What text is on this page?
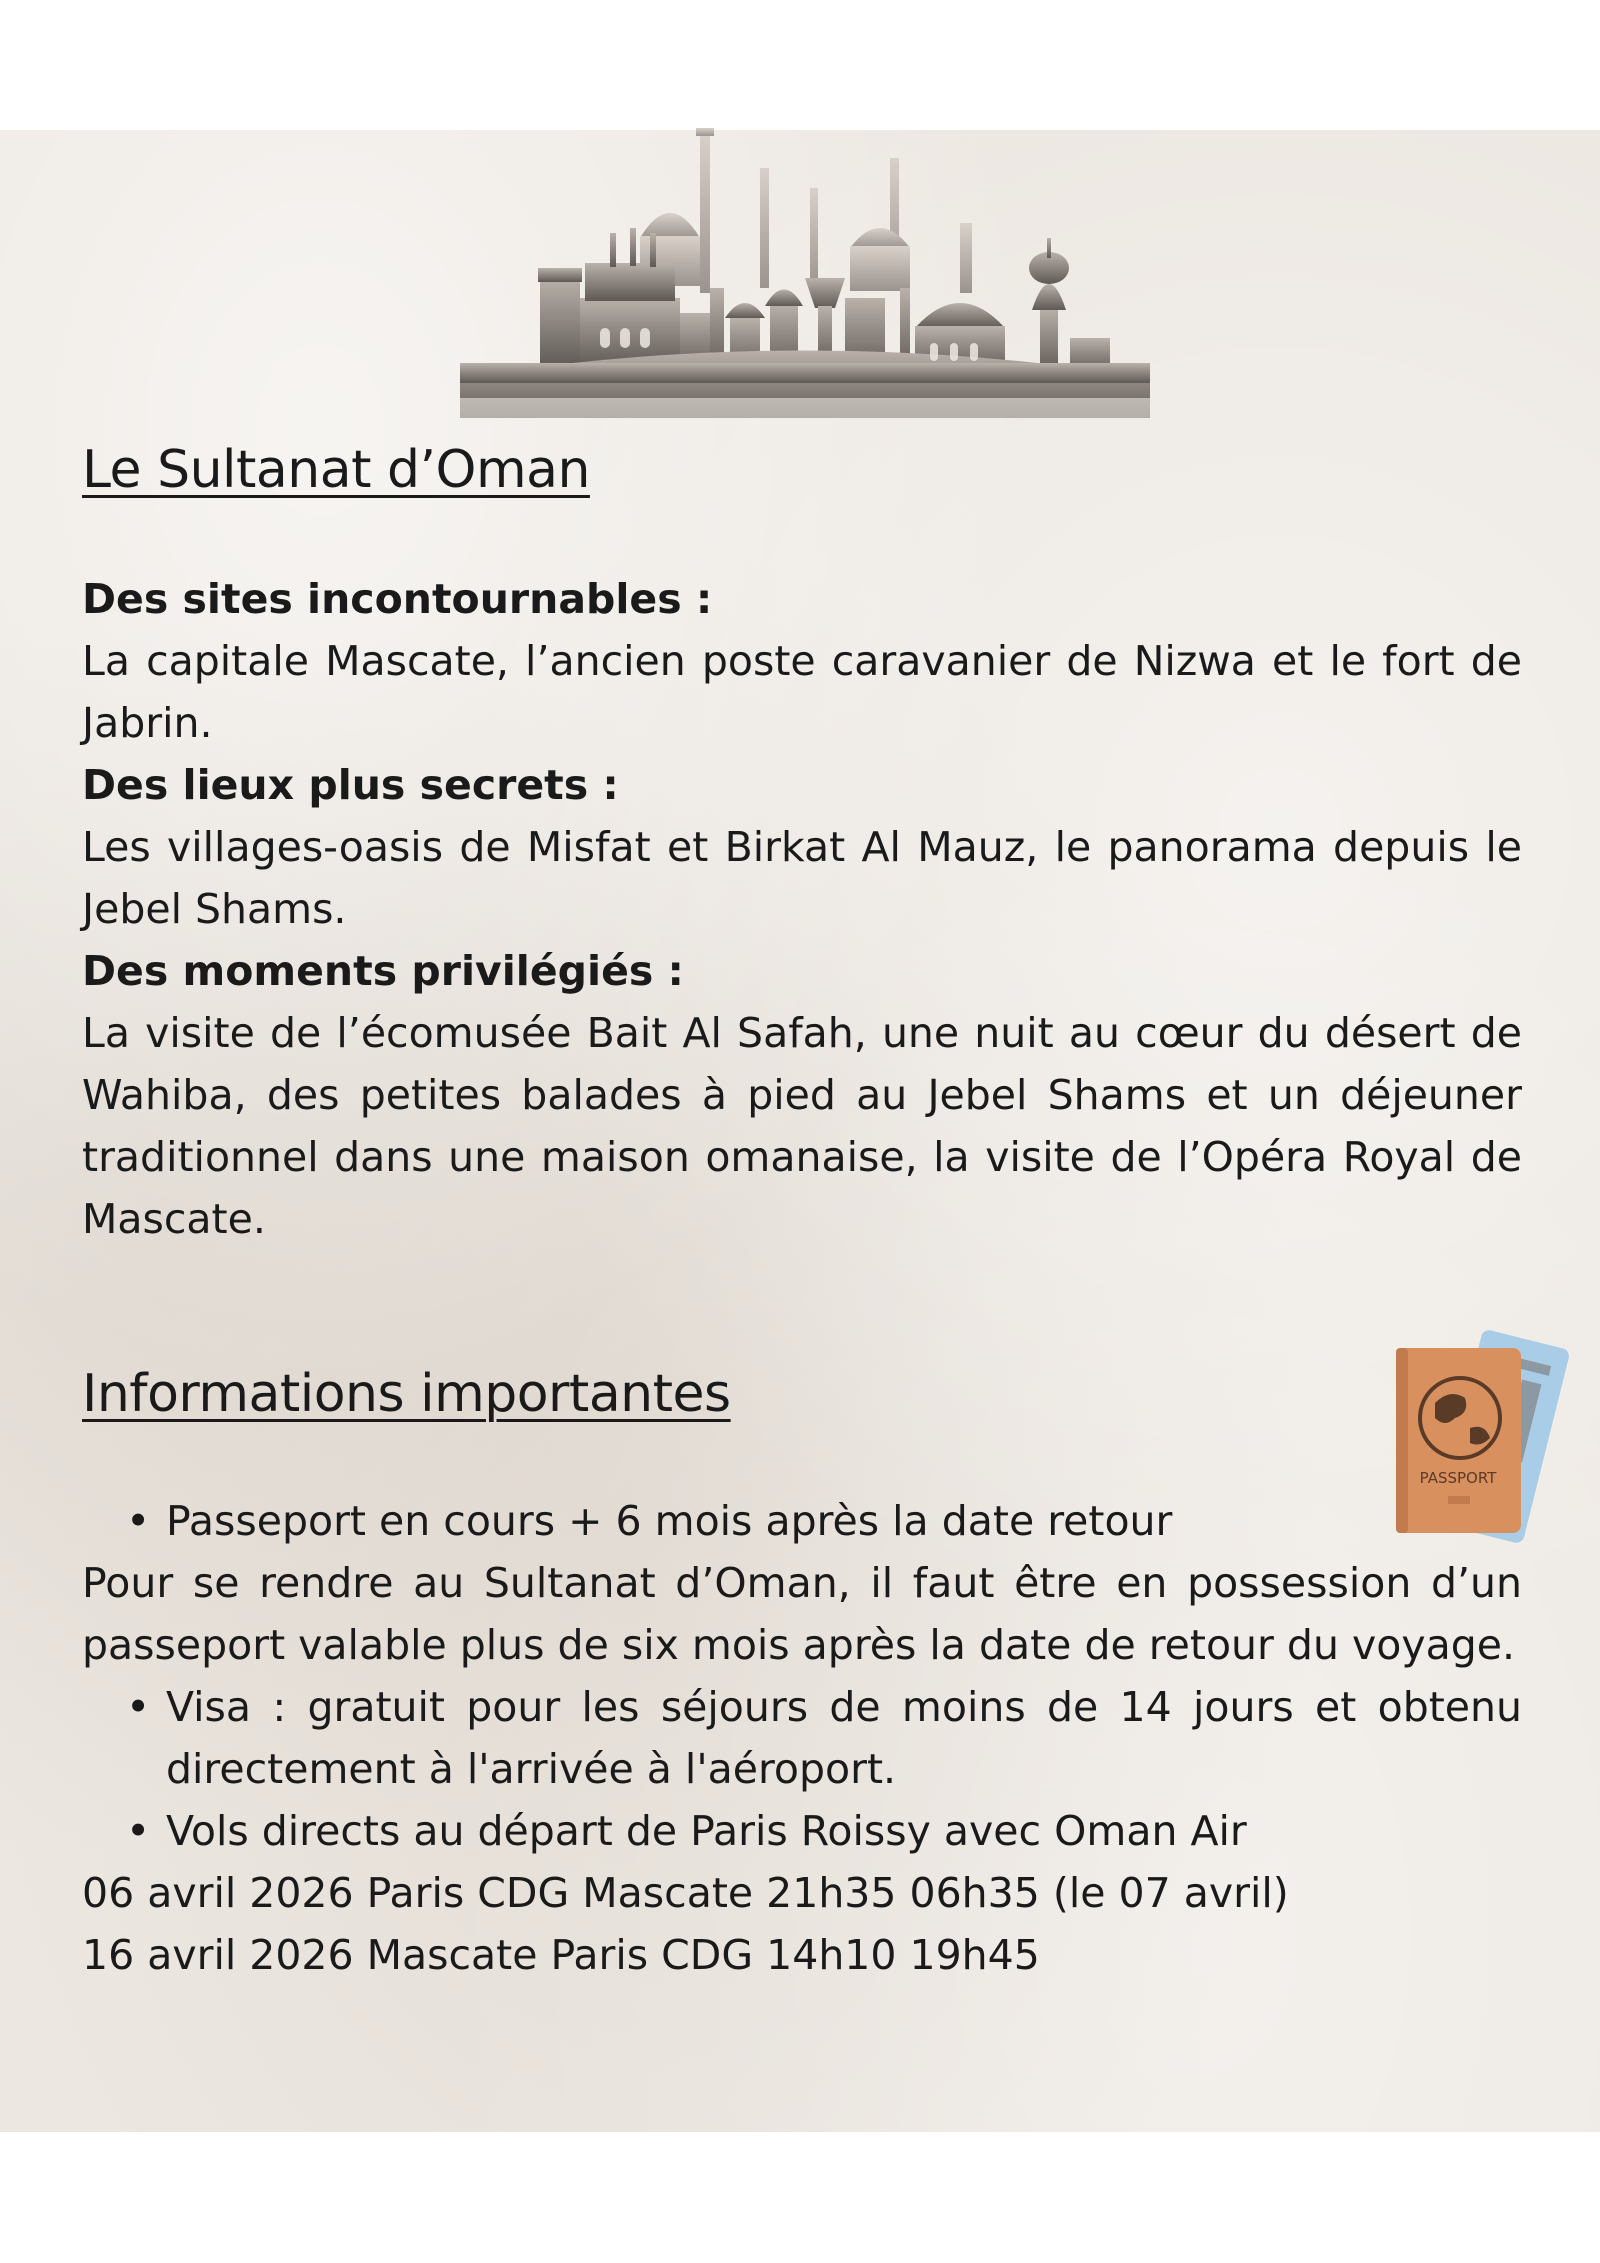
Le Sultanat d’Oman

Des sites incontournables :

La capitale Mascate, l’ancien poste caravanier de Nizwa et le fort de Jabrin.

Des lieux plus secrets :

Les villages-oasis de Misfat et Birkat Al Mauz, le panorama depuis le Jebel Shams.

Des moments privilégiés :

La visite de l’écomusée Bait Al Safah, une nuit au cœur du désert de Wahiba, des petites balades à pied au Jebel Shams et un déjeuner traditionnel dans une maison omanaise, la visite de l’Opéra Royal de Mascate.

Informations importantes
• Passeport en cours + 6 mois après la date retour

Pour se rendre au Sultanat d’Oman, il faut être en possession d’un passeport valable plus de six mois après la date de retour du voyage.

• Visa : gratuit pour les séjours de moins de 14 jours et obtenu directement à l'arrivée à l'aéroport.
• Vols directs au départ de Paris Roissy avec Oman Air

06 avril 2026 Paris CDG Mascate 21h35 06h35 (le 07 avril)

16 avril 2026 Mascate Paris CDG 14h10 19h45

PASSPORT
